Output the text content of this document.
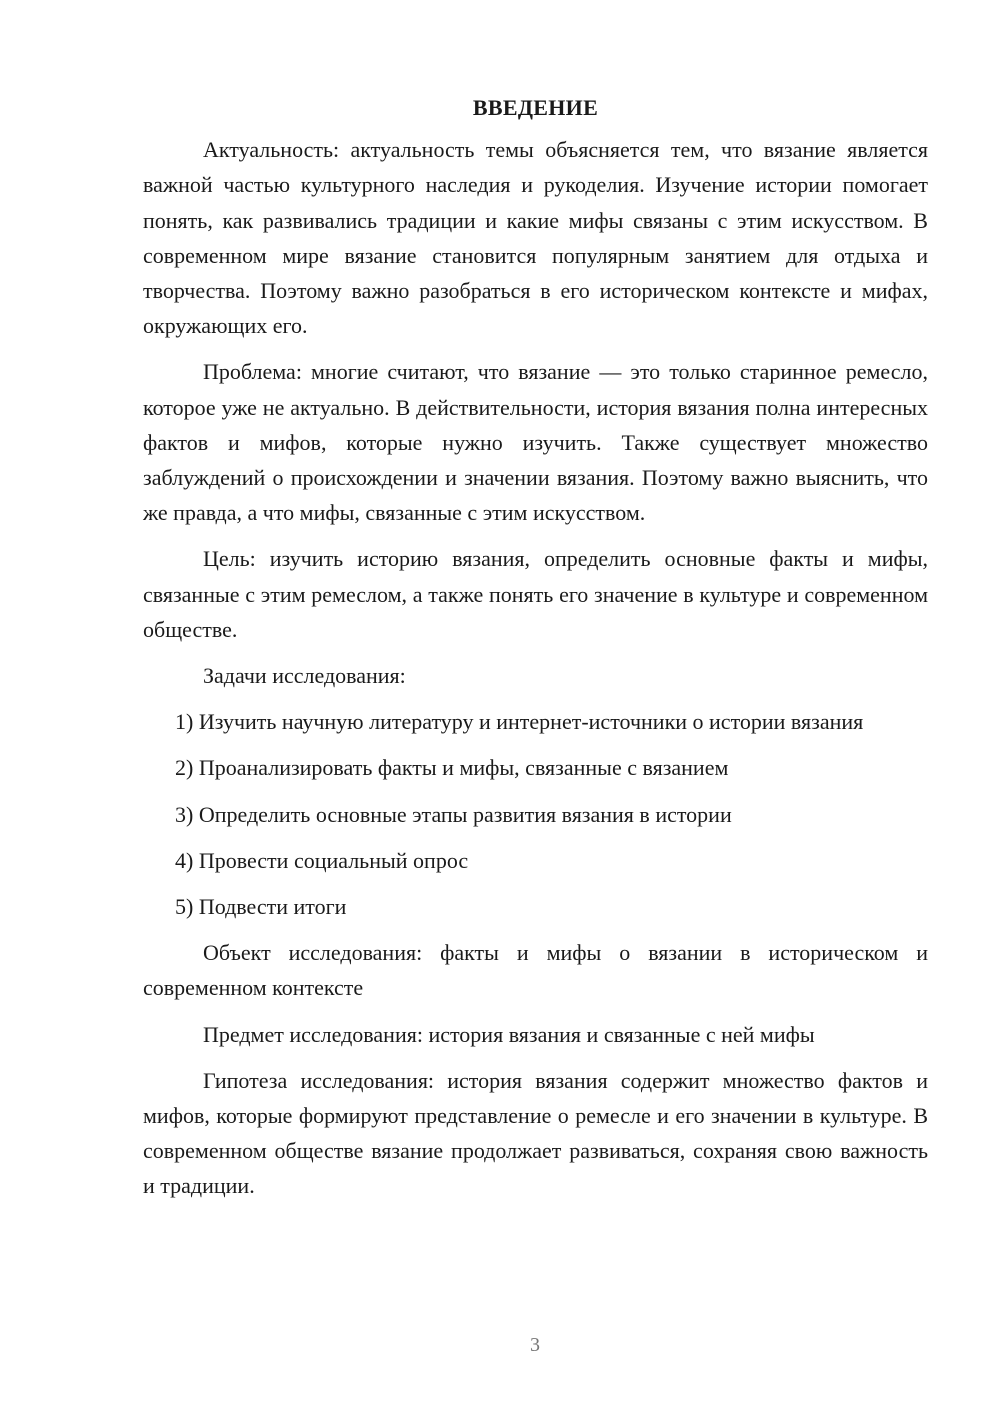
ВВЕДЕНИЕ

Актуальность: актуальность темы объясняется тем, что вязание является важной частью культурного наследия и рукоделия. Изучение истории помогает понять, как развивались традиции и какие мифы связаны с этим искусством. В современном мире вязание становится популярным занятием для отдыха и творчества. Поэтому важно разобраться в его историческом контексте и мифах, окружающих его.

Проблема: многие считают, что вязание — это только старинное ремесло, которое уже не актуально. В действительности, история вязания полна интересных фактов и мифов, которые нужно изучить. Также существует множество заблуждений о происхождении и значении вязания. Поэтому важно выяснить, что же правда, а что мифы, связанные с этим искусством.

Цель: изучить историю вязания, определить основные факты и мифы, связанные с этим ремеслом, а также понять его значение в культуре и современном обществе.

Задачи исследования:

1) Изучить научную литературу и интернет-источники о истории вязания

2) Проанализировать факты и мифы, связанные с вязанием

3) Определить основные этапы развития вязания в истории

4) Провести социальный опрос

5) Подвести итоги

Объект исследования: факты и мифы о вязании в историческом и современном контексте

Предмет исследования: история вязания и связанные с ней мифы

Гипотеза исследования: история вязания содержит множество фактов и мифов, которые формируют представление о ремесле и его значении в культуре. В современном обществе вязание продолжает развиваться, сохраняя свою важность и традиции.

3
